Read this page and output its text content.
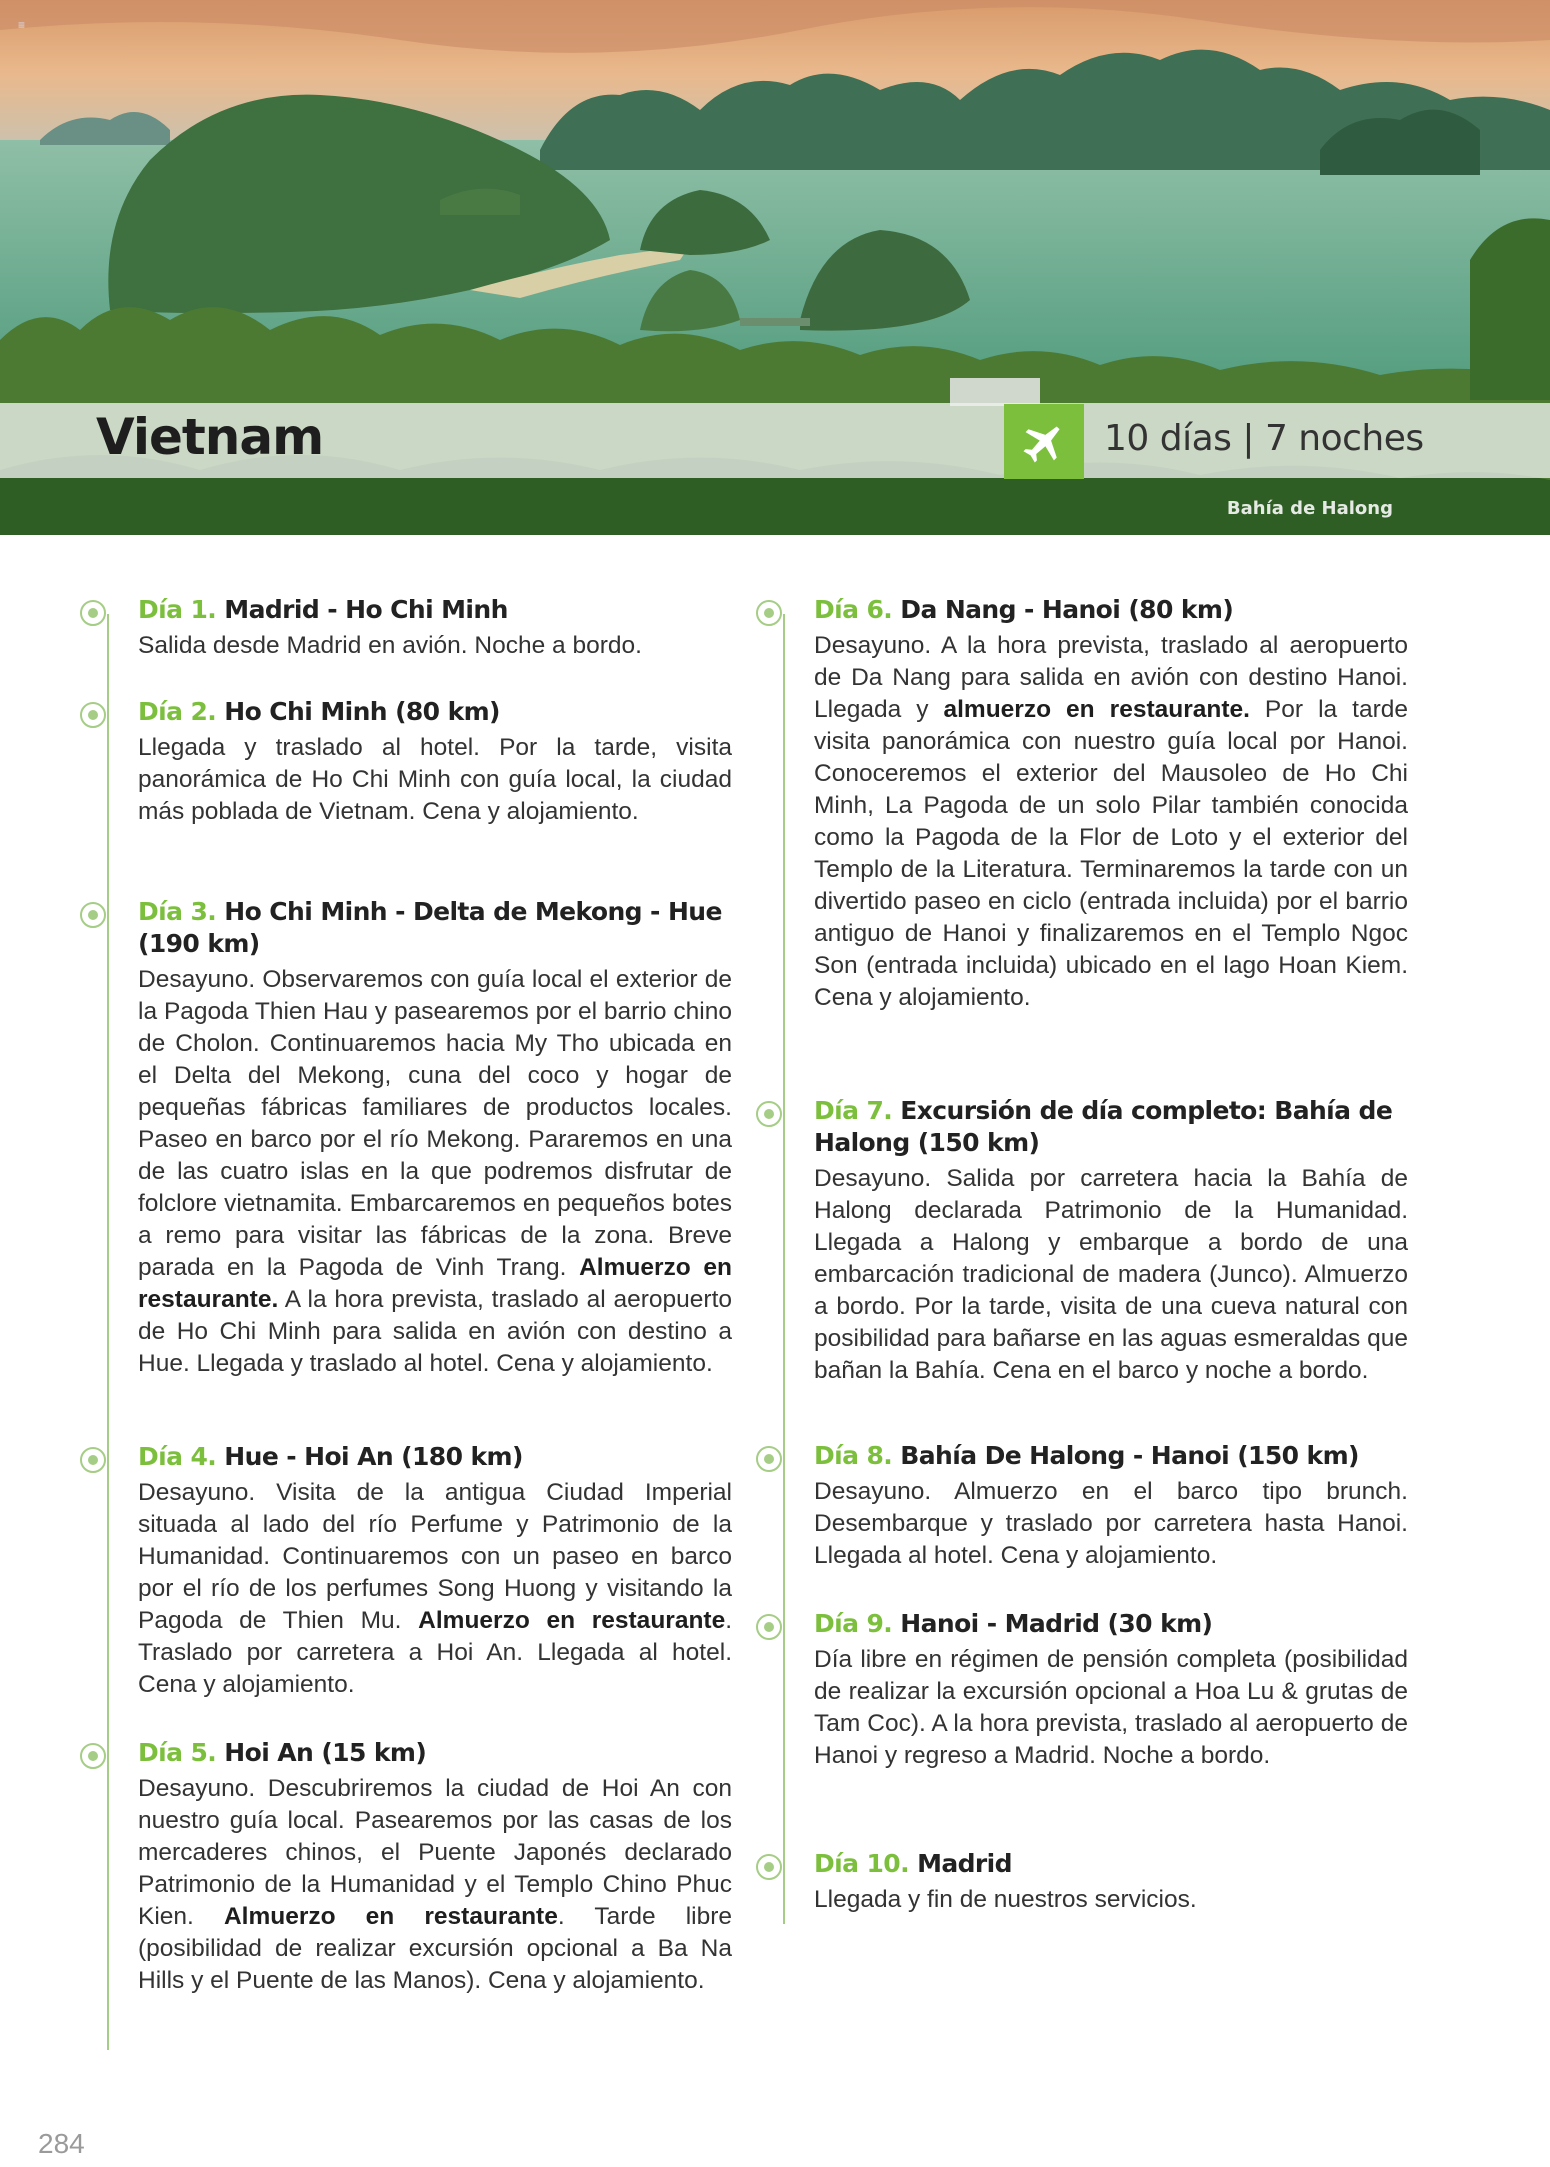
≡
Vietnam	10 días | 7 noches
Bahía de Halong
Día 1. Madrid - Ho Chi Minh
Salida desde Madrid en avión. Noche a bordo.
Día 2. Ho Chi Minh (80 km)
Llegada y traslado al hotel. Por la tarde, visita panorámica de Ho Chi Minh con guía local, la ciudad más poblada de Vietnam. Cena y alojamiento.
Día 3. Ho Chi Minh - Delta de Mekong - Hue (190 km)
Desayuno. Observaremos con guía local el exterior de la Pagoda Thien Hau y pasearemos por el barrio chino de Cholon. Continuaremos hacia My Tho ubicada en el Delta del Mekong, cuna del coco y hogar de pequeñas fábricas familiares de productos locales. Paseo en barco por el río Mekong. Pararemos en una de las cuatro islas en la que podremos disfrutar de folclore vietnamita. Embarcaremos en pequeños botes a remo para visitar las fábricas de la zona. Breve parada en la Pagoda de Vinh Trang. Almuerzo en restaurante. A la hora prevista, traslado al aeropuerto de Ho Chi Minh para salida en avión con destino a Hue. Llegada y traslado al hotel. Cena y alojamiento.
Día 4. Hue - Hoi An (180 km)
Desayuno. Visita de la antigua Ciudad Imperial situada al lado del río Perfume y Patrimonio de la Humanidad. Continuaremos con un paseo en barco por el río de los perfumes Song Huong y visitando la Pagoda de Thien Mu. Almuerzo en restaurante. Traslado por carretera a Hoi An. Llegada al hotel. Cena y alojamiento.
Día 5. Hoi An (15 km)
Desayuno. Descubriremos la ciudad de Hoi An con nuestro guía local. Pasearemos por las casas de los mercaderes chinos, el Puente Japonés declarado Patrimonio de la Humanidad y el Templo Chino Phuc Kien. Almuerzo en restaurante. Tarde libre (posibilidad de realizar excursión opcional a Ba Na Hills y el Puente de las Manos). Cena y alojamiento.
Día 6. Da Nang - Hanoi (80 km)
Desayuno. A la hora prevista, traslado al aeropuerto de Da Nang para salida en avión con destino Hanoi. Llegada y almuerzo en restaurante. Por la tarde visita panorámica con nuestro guía local por Hanoi. Conoceremos el exterior del Mausoleo de Ho Chi Minh, La Pagoda de un solo Pilar también conocida como la Pagoda de la Flor de Loto y el exterior del Templo de la Literatura. Terminaremos la tarde con un divertido paseo en ciclo (entrada incluida) por el barrio antiguo de Hanoi y finalizaremos en el Templo Ngoc Son (entrada incluida) ubicado en el lago Hoan Kiem. Cena y alojamiento.
Día 7. Excursión de día completo: Bahía de Halong (150 km)
Desayuno. Salida por carretera hacia la Bahía de Halong declarada Patrimonio de la Humanidad. Llegada a Halong y embarque a bordo de una embarcación tradicional de madera (Junco). Almuerzo a bordo. Por la tarde, visita de una cueva natural con posibilidad para bañarse en las aguas esmeraldas que bañan la Bahía. Cena en el barco y noche a bordo.
Día 8. Bahía De Halong - Hanoi (150 km)
Desayuno. Almuerzo en el barco tipo brunch. Desembarque y traslado por carretera hasta Hanoi. Llegada al hotel. Cena y alojamiento.
Día 9. Hanoi - Madrid (30 km)
Día libre en régimen de pensión completa (posibilidad de realizar la excursión opcional a Hoa Lu & grutas de Tam Coc). A la hora prevista, traslado al aeropuerto de Hanoi y regreso a Madrid. Noche a bordo.
Día 10. Madrid
Llegada y fin de nuestros servicios.
284
